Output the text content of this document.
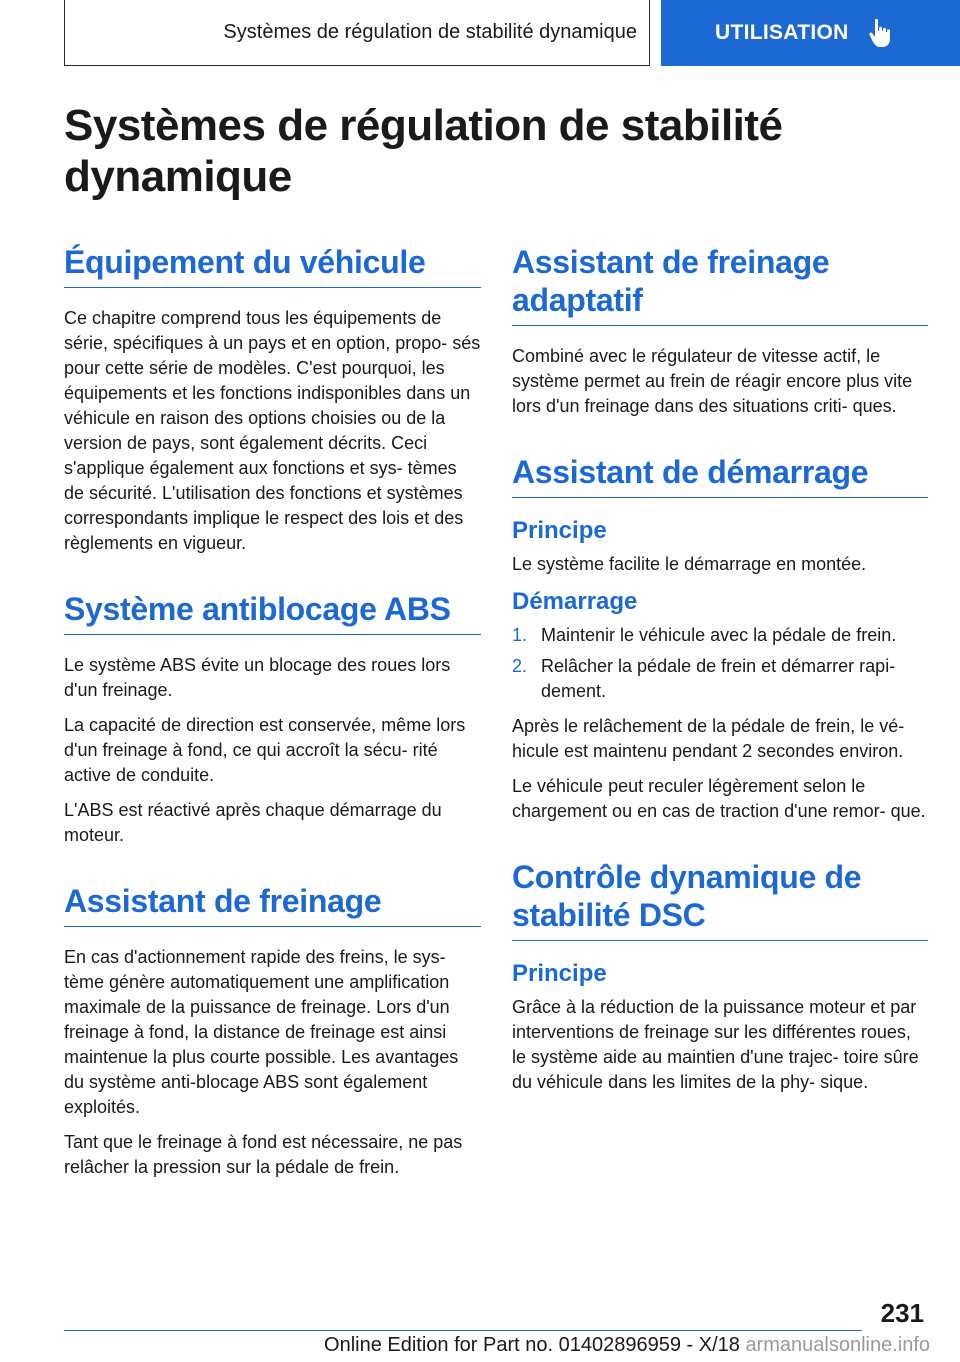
Systèmes de régulation de stabilité dynamique	UTILISATION
Systèmes de régulation de stabilité dynamique
Équipement du véhicule

Ce chapitre comprend tous les équipements de série, spécifiques à un pays et en option, propo‐ sés pour cette série de modèles. C'est pourquoi, les équipements et les fonctions indisponibles dans un véhicule en raison des options choisies ou de la version de pays, sont également décrits. Ceci s'applique également aux fonctions et sys‐ tèmes de sécurité. L'utilisation des fonctions et systèmes correspondants implique le respect des lois et des règlements en vigueur.

Système antiblocage ABS

Le système ABS évite un blocage des roues lors d'un freinage.

La capacité de direction est conservée, même lors d'un freinage à fond, ce qui accroît la sécu‐ rité active de conduite.

L'ABS est réactivé après chaque démarrage du moteur.

Assistant de freinage

En cas d'actionnement rapide des freins, le sys‐ tème génère automatiquement une amplification maximale de la puissance de freinage. Lors d'un freinage à fond, la distance de freinage est ainsi maintenue la plus courte possible. Les avantages du système anti-blocage ABS sont également exploités.

Tant que le freinage à fond est nécessaire, ne pas relâcher la pression sur la pédale de frein.

Assistant de freinage adaptatif

Combiné avec le régulateur de vitesse actif, le système permet au frein de réagir encore plus vite lors d'un freinage dans des situations criti‐ ques.

Assistant de démarrage
Principe

Le système facilite le démarrage en montée.

Démarrage
1. Maintenir le véhicule avec la pédale de frein.
2. Relâcher la pédale de frein et démarrer rapi‐ dement.

Après le relâchement de la pédale de frein, le vé‐ hicule est maintenu pendant 2 secondes environ.

Le véhicule peut reculer légèrement selon le chargement ou en cas de traction d'une remor‐ que.

Contrôle dynamique de stabilité DSC
Principe

Grâce à la réduction de la puissance moteur et par interventions de freinage sur les différentes roues, le système aide au maintien d'une trajec‐ toire sûre du véhicule dans les limites de la phy‐ sique.

231
Online Edition for Part no. 01402896959 - X/18 armanualsonline.info
